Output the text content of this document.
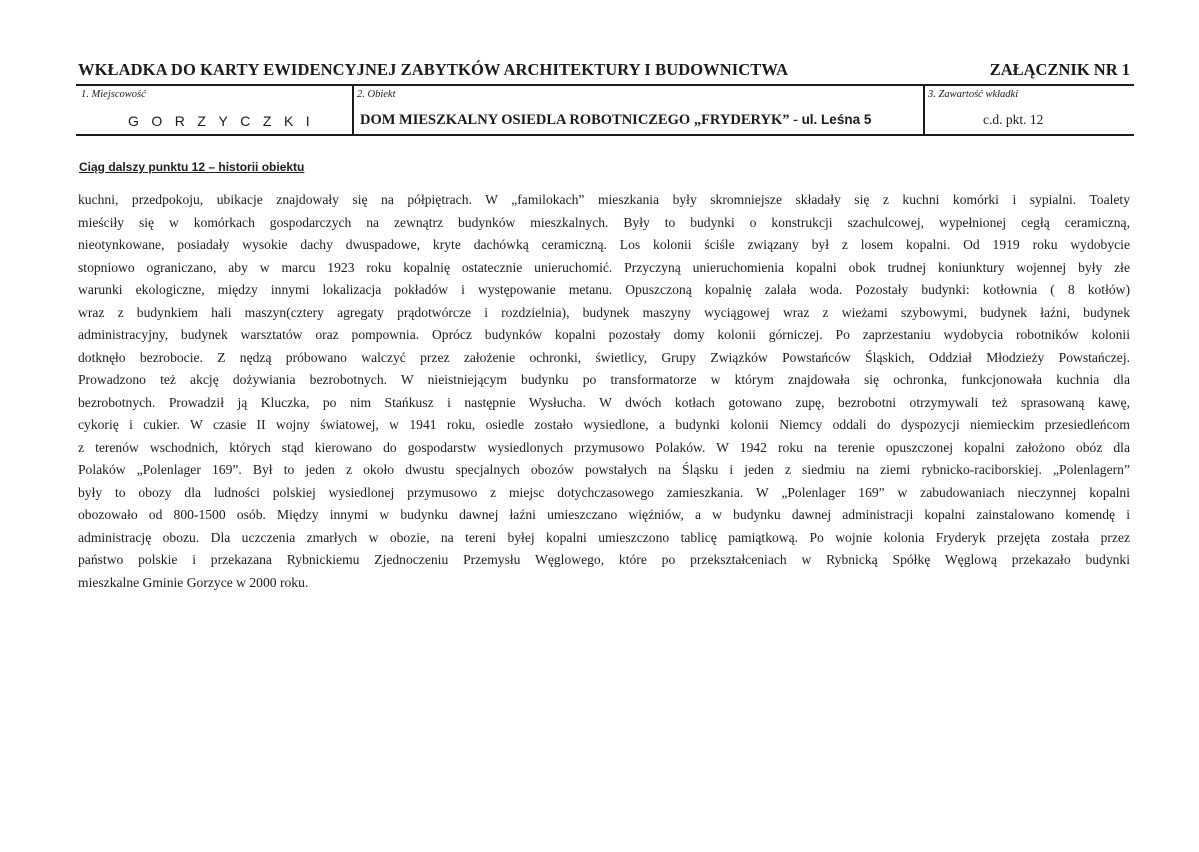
WKŁADKA DO KARTY EWIDENCYJNEJ ZABYTKÓW ARCHITEKTURY I BUDOWNICTWA	ZAŁĄCZNIK NR 1
1. Miejscowość	2. Obiekt	3. Zawartość wkładki
GORZYCZKI	DOM MIESZKALNY OSIEDLA ROBOTNICZEGO „FRYDERYK” - ul. Leśna 5	c.d. pkt. 12
Ciąg dalszy punktu 12 – historii obiektu
kuchni, przedpokoju, ubikacje znajdowały się na półpiętrach. W „familokach” mieszkania były skromniejsze składały się z kuchni komórki i sypialni. Toalety
mieściły się w komórkach gospodarczych na zewnątrz budynków mieszkalnych. Były to budynki o konstrukcji szachulcowej, wypełnionej cegłą ceramiczną,
nieotynkowane, posiadały wysokie dachy dwuspadowe, kryte dachówką ceramiczną. Los kolonii ściśle związany był z losem kopalni. Od 1919 roku wydobycie
stopniowo ograniczano, aby w marcu 1923 roku kopalnię ostatecznie unieruchomić. Przyczyną unieruchomienia kopalni obok trudnej koniunktury wojennej były złe
warunki ekologiczne, między innymi lokalizacja pokładów i występowanie metanu. Opuszczoną kopalnię zalała woda. Pozostały budynki: kotłownia ( 8 kotłów)
wraz z budynkiem hali maszyn(cztery agregaty prądotwórcze i rozdzielnia), budynek maszyny wyciągowej wraz z wieżami szybowymi, budynek łaźni, budynek
administracyjny, budynek warsztatów oraz pompownia. Oprócz budynków kopalni pozostały domy kolonii górniczej. Po zaprzestaniu wydobycia robotników kolonii
dotknęło bezrobocie. Z nędzą próbowano walczyć przez założenie ochronki, świetlicy, Grupy Związków Powstańców Śląskich, Oddział Młodzieży Powstańczej.
Prowadzono też akcję dożywiania bezrobotnych. W nieistniejącym budynku po transformatorze w którym znajdowała się ochronka, funkcjonowała kuchnia dla
bezrobotnych. Prowadził ją Kluczka, po nim Stańkusz i następnie Wysłucha. W dwóch kotłach gotowano zupę, bezrobotni otrzymywali też sprasowaną kawę,
cykorię i cukier. W czasie II wojny światowej, w 1941 roku, osiedle zostało wysiedlone, a budynki kolonii Niemcy oddali do dyspozycji niemieckim przesiedleńcom
z terenów wschodnich, których stąd kierowano do gospodarstw wysiedlonych przymusowo Polaków. W 1942 roku na terenie opuszczonej kopalni założono obóz dla
Polaków „Polenlager 169”. Był to jeden z około dwustu specjalnych obozów powstałych na Śląsku i jeden z siedmiu na ziemi rybnicko-raciborskiej. „Polenlagern”
były to obozy dla ludności polskiej wysiedlonej przymusowo z miejsc dotychczasowego zamieszkania. W „Polenlager 169” w zabudowaniach nieczynnej kopalni
obozowało od 800-1500 osób. Między innymi w budynku dawnej łaźni umieszczano więźniów, a w budynku dawnej administracji kopalni zainstalowano komendę i
administrację obozu. Dla uczczenia zmarłych w obozie, na tereni byłej kopalni umieszczono tablicę pamiątkową. Po wojnie kolonia Fryderyk przejęta została przez
państwo polskie i przekazana Rybnickiemu Zjednoczeniu Przemysłu Węglowego, które po przekształceniach w Rybnicką Spółkę Węglową przekazało budynki
mieszkalne Gminie Gorzyce w 2000 roku.
